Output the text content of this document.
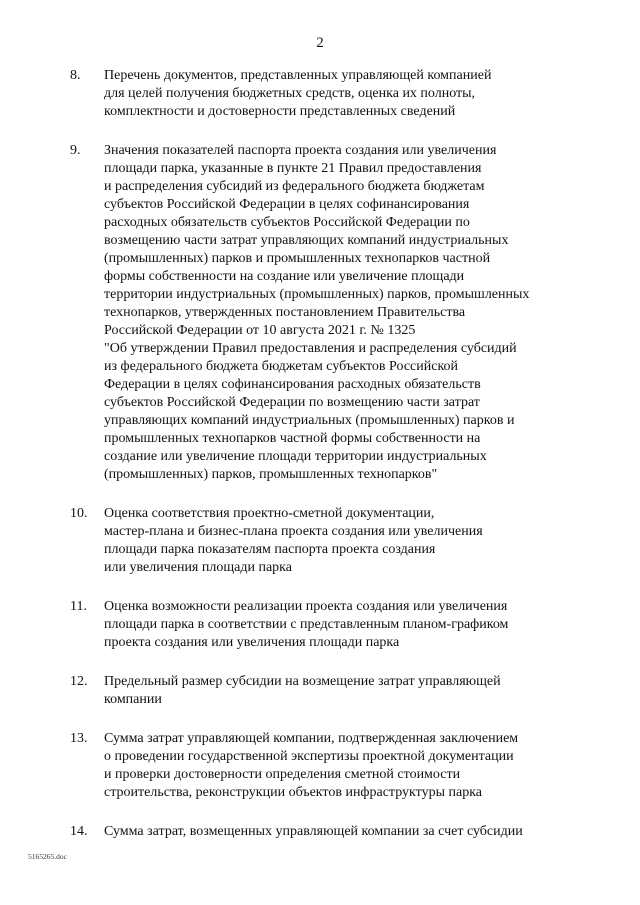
2
8. Перечень документов, представленных управляющей компанией
для целей получения бюджетных средств, оценка их полноты,
комплектности и достоверности представленных сведений
9. Значения показателей паспорта проекта создания или увеличения
площади парка, указанные в пункте 21 Правил предоставления
и распределения субсидий из федерального бюджета бюджетам
субъектов Российской Федерации в целях софинансирования
расходных обязательств субъектов Российской Федерации по
возмещению части затрат управляющих компаний индустриальных
(промышленных) парков и промышленных технопарков частной
формы собственности на создание или увеличение площади
территории индустриальных (промышленных) парков, промышленных
технопарков, утвержденных постановлением Правительства
Российской Федерации от 10 августа 2021 г. № 1325
"Об утверждении Правил предоставления и распределения субсидий
из федерального бюджета бюджетам субъектов Российской
Федерации в целях софинансирования расходных обязательств
субъектов Российской Федерации по возмещению части затрат
управляющих компаний индустриальных (промышленных) парков и
промышленных технопарков частной формы собственности на
создание или увеличение площади территории индустриальных
(промышленных) парков, промышленных технопарков"
10. Оценка соответствия проектно-сметной документации,
мастер-плана и бизнес-плана проекта создания или увеличения
площади парка показателям паспорта проекта создания
или увеличения площади парка
11. Оценка возможности реализации проекта создания или увеличения
площади парка в соответствии с представленным планом-графиком
проекта создания или увеличения площади парка
12. Предельный размер субсидии на возмещение затрат управляющей
компании
13. Сумма затрат управляющей компании, подтвержденная заключением
о проведении государственной экспертизы проектной документации
и проверки достоверности определения сметной стоимости
строительства, реконструкции объектов инфраструктуры парка
14. Сумма затрат, возмещенных управляющей компании за счет субсидии
5165265.doc
